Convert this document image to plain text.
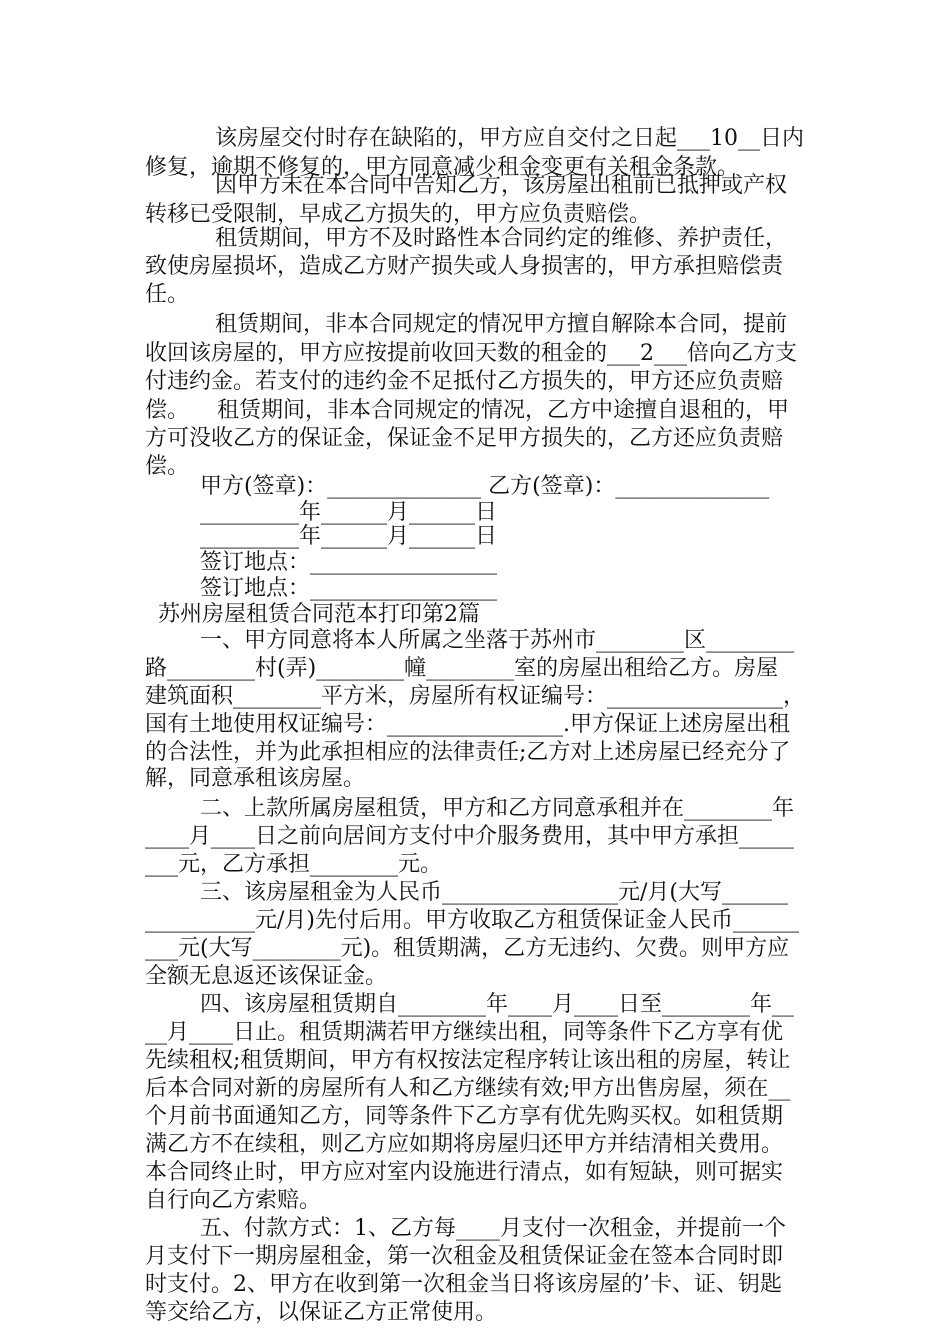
该房屋交付时存在缺陷的，甲方应自交付之日起___10__日内
修复，逾期不修复的，甲方同意减少租金变更有关租金条款。
因甲方未在本合同中告知乙方，该房屋出租前已抵押或产权
转移已受限制，早成乙方损失的，甲方应负责赔偿。
租赁期间，甲方不及时路性本合同约定的维修、养护责任，
致使房屋损坏，造成乙方财产损失或人身损害的，甲方承担赔偿责
任。
租赁期间，非本合同规定的情况甲方擅自解除本合同，提前
收回该房屋的，甲方应按提前收回天数的租金的___2___倍向乙方支
付违约金。若支付的违约金不足抵付乙方损失的，甲方还应负责赔
偿。    租赁期间，非本合同规定的情况，乙方中途擅自退租的，甲
方可没收乙方的保证金，保证金不足甲方损失的，乙方还应负责赔
偿。
甲方(签章)：______________ 乙方(签章)：______________
_________年______月______日
_________年______月______日
签订地点：_________________
签订地点：_________________
苏州房屋租赁合同范本打印第2篇
一、甲方同意将本人所属之坐落于苏州市________区________
路________村(弄)________幢________室的房屋出租给乙方。房屋
建筑面积________平方米，房屋所有权证编号：________________，
国有土地使用权证编号：________________.甲方保证上述房屋出租
的合法性，并为此承担相应的法律责任;乙方对上述房屋已经充分了
解，同意承租该房屋。
二、上款所属房屋租赁，甲方和乙方同意承租并在________年
____月____日之前向居间方支付中介服务费用，其中甲方承担_____
___元，乙方承担________元。
三、该房屋租金为人民币________________元/月(大写______
__________元/月)先付后用。甲方收取乙方租赁保证金人民币______
___元(大写________元)。租赁期满，乙方无违约、欠费。则甲方应
全额无息返还该保证金。
四、该房屋租赁期自________年____月____日至________年__
__月____日止。租赁期满若甲方继续出租，同等条件下乙方享有优
先续租权;租赁期间，甲方有权按法定程序转让该出租的房屋，转让
后本合同对新的房屋所有人和乙方继续有效;甲方出售房屋，须在__
个月前书面通知乙方，同等条件下乙方享有优先购买权。如租赁期
满乙方不在续租，则乙方应如期将房屋归还甲方并结清相关费用。
本合同终止时，甲方应对室内设施进行清点，如有短缺，则可据实
自行向乙方索赔。
五、付款方式：1、乙方每____月支付一次租金，并提前一个
月支付下一期房屋租金，第一次租金及租赁保证金在签本合同时即
时支付。2、甲方在收到第一次租金当日将该房屋的’卡、证、钥匙
等交给乙方，以保证乙方正常使用。
